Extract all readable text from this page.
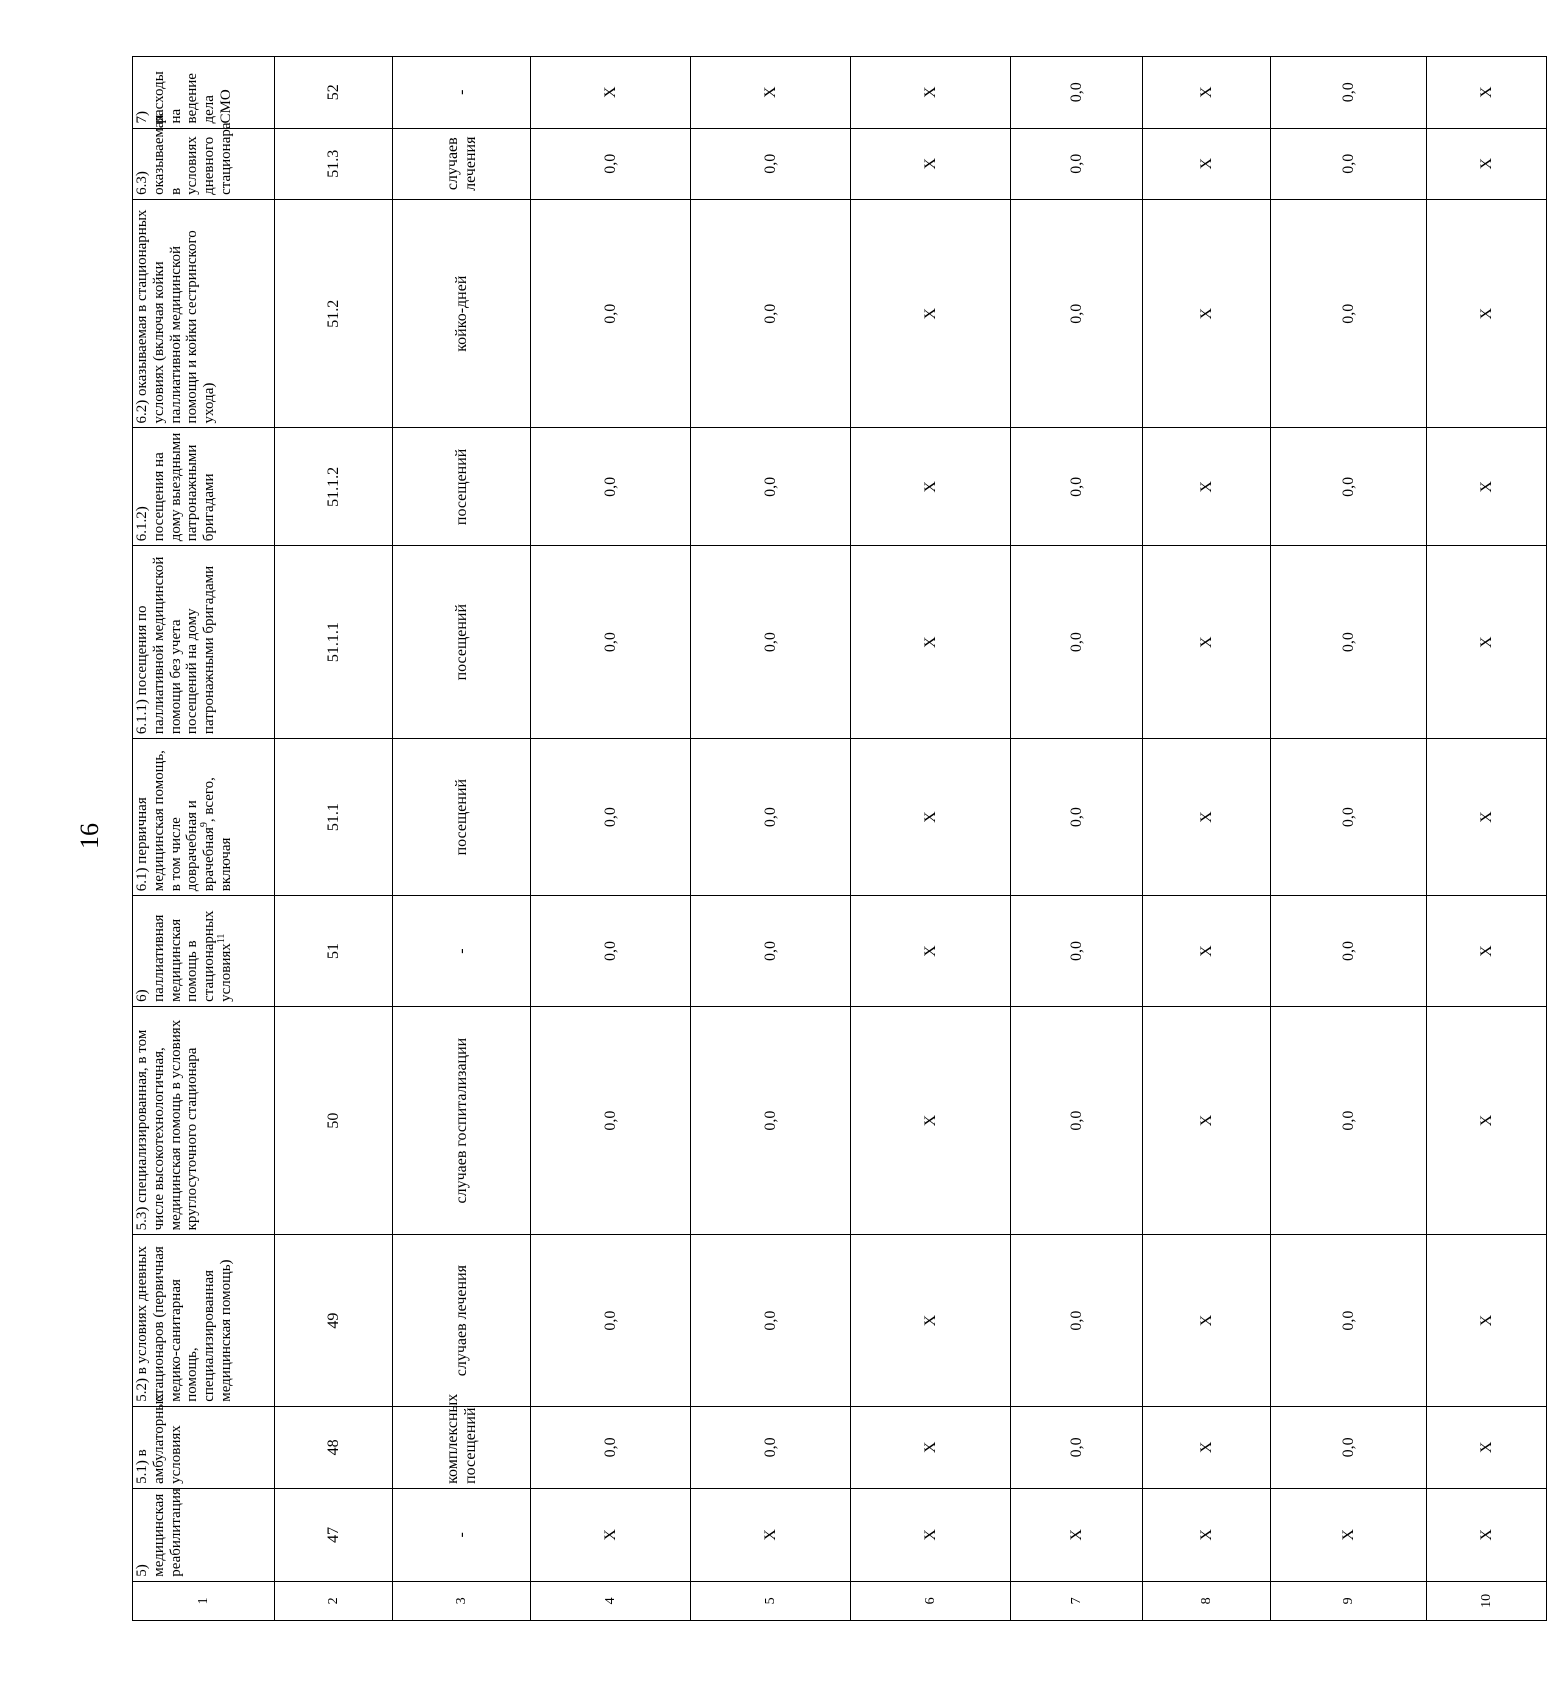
16
1	5) медицинская реабилитация	5.1) в амбулаторных условиях	5.2) в условиях дневных стационаров (первичная медико-санитарная помощь, специализированная медицинская помощь)	5.3) специализированная, в том числе высокотехнологичная, медицинская помощь в условиях круглосуточного стационара	6) паллиативная медицинская помощь в стационарных условиях$^{11}$	6.1) первичная медицинская помощь, в том числе доврачебная и врачебная$^9$, всего, включая	6.1.1) посещения по паллиативной медицинской помощи без учета посещений на дому патронажными бригадами	6.1.2) посещения на дому выездными патронажными бригадами	6.2) оказываемая в стационарных условиях (включая койки паллиативной медицинской помощи и койки сестринского ухода)	6.3) оказываемая в условиях дневного стационара	7) расходы на ведение дела СМО
2	47	48	49	50	51	51.1	51.1.1	51.1.2	51.2	51.3	52
3	-	комплексных посещений	случаев лечения	случаев госпитализации	-	посещений	посещений	посещений	койко-дней	случаев лечения	-
4	X	0,0	0,0	0,0	0,0	0,0	0,0	0,0	0,0	0,0	X
5	X	0,0	0,0	0,0	0,0	0,0	0,0	0,0	0,0	0,0	X
6	X	X	X	X	X	X	X	X	X	X	X
7	X	0,0	0,0	0,0	0,0	0,0	0,0	0,0	0,0	0,0	0,0
8	X	X	X	X	X	X	X	X	X	X	X
9	X	0,0	0,0	0,0	0,0	0,0	0,0	0,0	0,0	0,0	0,0
10	X	X	X	X	X	X	X	X	X	X	X
